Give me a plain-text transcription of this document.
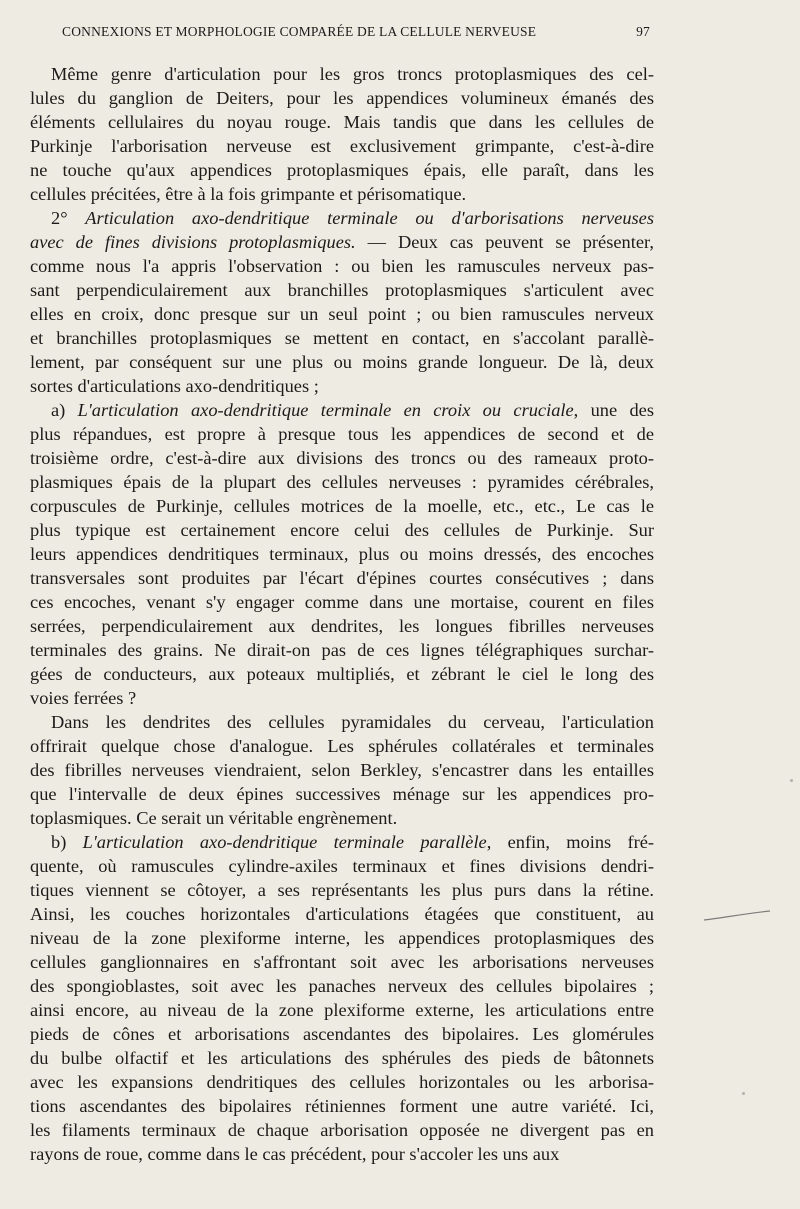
CONNEXIONS ET MORPHOLOGIE COMPARÉE DE LA CELLULE NERVEUSE	97

Même genre d'articulation pour les gros troncs protoplasmiques des cel-
lules du ganglion de Deiters, pour les appendices volumineux émanés des
éléments cellulaires du noyau rouge. Mais tandis que dans les cellules de
Purkinje l'arborisation nerveuse est exclusivement grimpante, c'est-à-dire
ne touche qu'aux appendices protoplasmiques épais, elle paraît, dans les
cellules précitées, être à la fois grimpante et périsomatique.

2° Articulation axo-dendritique terminale ou d'arborisations nerveuses
avec de fines divisions protoplasmiques. — Deux cas peuvent se présenter,
comme nous l'a appris l'observation : ou bien les ramuscules nerveux pas-
sant perpendiculairement aux branchilles protoplasmiques s'articulent avec
elles en croix, donc presque sur un seul point ; ou bien ramuscules nerveux
et branchilles protoplasmiques se mettent en contact, en s'accolant parallè-
lement, par conséquent sur une plus ou moins grande longueur. De là, deux
sortes d'articulations axo-dendritiques ;

a) L'articulation axo-dendritique terminale en croix ou cruciale, une des
plus répandues, est propre à presque tous les appendices de second et de
troisième ordre, c'est-à-dire aux divisions des troncs ou des rameaux proto-
plasmiques épais de la plupart des cellules nerveuses : pyramides cérébrales,
corpuscules de Purkinje, cellules motrices de la moelle, etc., etc., Le cas le
plus typique est certainement encore celui des cellules de Purkinje. Sur
leurs appendices dendritiques terminaux, plus ou moins dressés, des encoches
transversales sont produites par l'écart d'épines courtes consécutives ; dans
ces encoches, venant s'y engager comme dans une mortaise, courent en files
serrées, perpendiculairement aux dendrites, les longues fibrilles nerveuses
terminales des grains. Ne dirait-on pas de ces lignes télégraphiques surchar-
gées de conducteurs, aux poteaux multipliés, et zébrant le ciel le long des
voies ferrées ?

Dans les dendrites des cellules pyramidales du cerveau, l'articulation
offrirait quelque chose d'analogue. Les sphérules collatérales et terminales
des fibrilles nerveuses viendraient, selon Berkley, s'encastrer dans les entailles
que l'intervalle de deux épines successives ménage sur les appendices pro-
toplasmiques. Ce serait un véritable engrènement.

b) L'articulation axo-dendritique terminale parallèle, enfin, moins fré-
quente, où ramuscules cylindre-axiles terminaux et fines divisions dendri-
tiques viennent se côtoyer, a ses représentants les plus purs dans la rétine.
Ainsi, les couches horizontales d'articulations étagées que constituent, au
niveau de la zone plexiforme interne, les appendices protoplasmiques des
cellules ganglionnaires en s'affrontant soit avec les arborisations nerveuses
des spongioblastes, soit avec les panaches nerveux des cellules bipolaires ;
ainsi encore, au niveau de la zone plexiforme externe, les articulations entre
pieds de cônes et arborisations ascendantes des bipolaires. Les glomérules
du bulbe olfactif et les articulations des sphérules des pieds de bâtonnets
avec les expansions dendritiques des cellules horizontales ou les arborisa-
tions ascendantes des bipolaires rétiniennes forment une autre variété. Ici,
les filaments terminaux de chaque arborisation opposée ne divergent pas en
rayons de roue, comme dans le cas précédent, pour s'accoler les uns aux
